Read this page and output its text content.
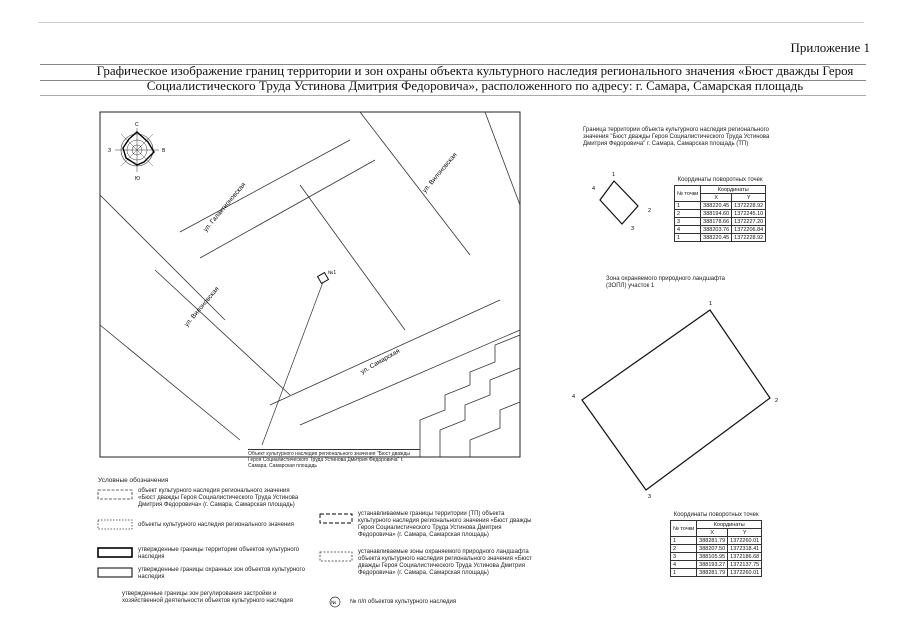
Приложение 1
Графическое изображение границ территории и зон охраны объекта культурного наследия регионального значения «Бюст дважды Героя
Социалистического Труда Устинова Дмитрия Федоровича», расположенного по адресу: г. Самара, Самарская площадь
№1
С
Ю
В
З
ул. Галактионовская
ул. Вилоновская
ул. Вилоновская
ул. Самарская
1
2
3
4
1
2
3
4
№
Объект культурного наследия регионального значения "Бюст дважды Героя Социалистического Труда Устинова Дмитрия Федоровича" г. Самара, Самарская площадь
Граница территории объекта культурного наследия регионального значения "Бюст дважды Героя Социалистического Труда Устинова Дмитрия Федоровича" г. Самара, Самарская площадь (ТП)
Координаты поворотных точек
№ точки	Координаты	
	X	Y
1	388220.45	1372228.92
2	388194.60	1372245.10
3	388178.66	1372227.20
4	388203.76	1372206.84
1	388220.45	1372228.92
Зона охраняемого природного ландшафта (ЗОПЛ) участок 1
Координаты поворотных точек
№ точки	Координаты	
	X	Y
1	388281.79	1372260.01
2	388207.50	1372318.41
3	388105.95	1372186.68
4	388193.27	1372137.75
1	388281.79	1372260.01
Условные обозначения
объект культурного наследия регионального значения «Бюст дважды Героя Социалистического Труда Устинова Дмитрия Федоровича» (г. Самара, Самарская площадь)
объекты культурного наследия регионального значения
утвержденные границы территории объектов культурного наследия
утвержденные границы охранных зон объектов культурного наследия
утвержденные границы зон регулирования застройки и хозяйственной деятельности объектов культурного наследия
устанавливаемые границы территории (ТП) объекта культурного наследия регионального значения «Бюст дважды Героя Социалистического Труда Устинова Дмитрия Федоровича» (г. Самара, Самарская площадь)
устанавливаемые зоны охраняемого природного ландшафта объекта культурного наследия регионального значения «Бюст дважды Героя Социалистического Труда Устинова Дмитрия Федоровича» (г. Самара, Самарская площадь)
№ п/п объектов культурного наследия
